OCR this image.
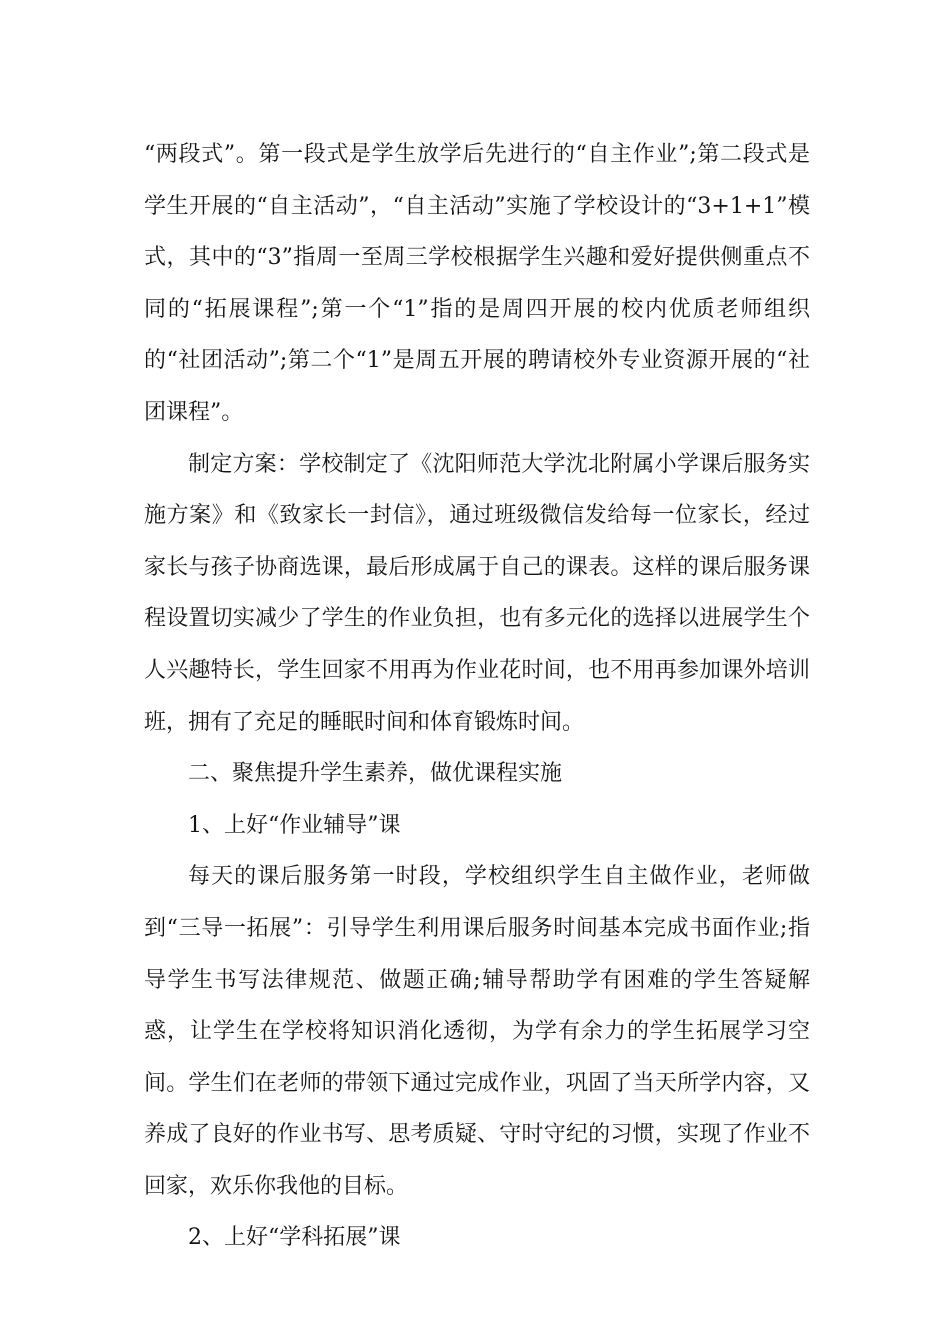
“两段式”。第一段式是学生放学后先进行的“自主作业”;第二段式是学生开展的“自主活动”，“自主活动”实施了学校设计的“3+1+1”模式，其中的“3”指周一至周三学校根据学生兴趣和爱好提供侧重点不同的“拓展课程”;第一个“1”指的是周四开展的校内优质老师组织的“社团活动”;第二个“1”是周五开展的聘请校外专业资源开展的“社团课程”。

制定方案：学校制定了《沈阳师范大学沈北附属小学课后服务实施方案》和《致家长一封信》，通过班级微信发给每一位家长，经过家长与孩子协商选课，最后形成属于自己的课表。这样的课后服务课程设置切实减少了学生的作业负担，也有多元化的选择以进展学生个人兴趣特长，学生回家不用再为作业花时间，也不用再参加课外培训班，拥有了充足的睡眠时间和体育锻炼时间。

二、聚焦提升学生素养，做优课程实施

1、上好“作业辅导”课

每天的课后服务第一时段，学校组织学生自主做作业，老师做到“三导一拓展”：引导学生利用课后服务时间基本完成书面作业;指导学生书写法律规范、做题正确;辅导帮助学有困难的学生答疑解惑，让学生在学校将知识消化透彻，为学有余力的学生拓展学习空间。学生们在老师的带领下通过完成作业，巩固了当天所学内容，又养成了良好的作业书写、思考质疑、守时守纪的习惯，实现了作业不回家，欢乐你我他的目标。

2、上好“学科拓展”课
